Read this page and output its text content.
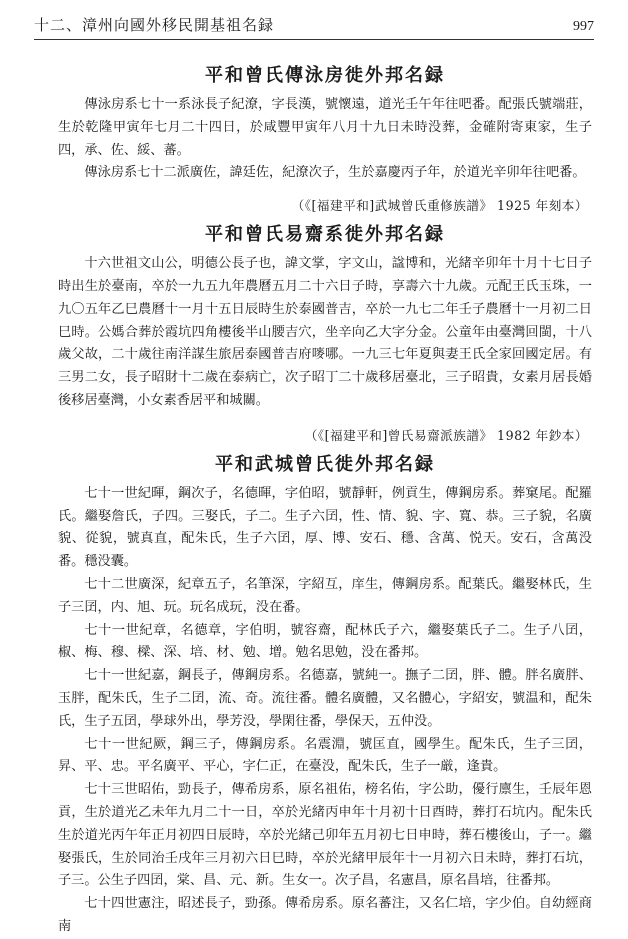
十二、漳州向國外移民開基祖名録	997
平和曾氏傳泳房徙外邦名録

傳泳房系七十一系泳長子紀潦，字長漢，號懷遠，道光壬午年往吧番。配張氏號端莊，生於乾隆甲寅年七月二十四日，於咸豐甲寅年八月十九日未時没葬，金確附寄東家，生子四，承、佐、綏、蕃。

傳泳房系七十二派廣佐，諱廷佐，紀潦次子，生於嘉慶丙子年，於道光辛卯年往吧番。

（《[福建平和]武城曾氏重修族譜》 1925 年刻本）
平和曾氏易齋系徙外邦名録

十六世祖文山公，明德公長子也，諱文掌，字文山，諡博和，光緒辛卯年十月十七日子時出生於臺南，卒於一九五九年農曆五月二十六日子時，享壽六十九歲。元配王氏玉珠，一九〇五年乙巳農曆十一月十五日辰時生於泰國普吉，卒於一九七二年壬子農曆十一月初二日巳時。公媽合葬於霞坑四角樓後半山腰吉穴，坐辛向乙大字分金。公童年由臺灣回閩，十八歲父故，二十歲往南洋謀生旅居泰國普吉府嘜哪。一九三七年夏與妻王氏全家回國定居。有三男二女，長子昭財十二歲在泰病亡，次子昭丁二十歲移居臺北，三子昭貴，女素月居長婚後移居臺灣，小女素香居平和城關。

（《[福建平和]曾氏易齋派族譜》 1982 年鈔本）
平和武城曾氏徙外邦名録

七十一世紀暉，鋼次子，名德暉，字伯昭，號靜軒，例貢生，傳鋼房系。葬窠尾。配羅氏。繼娶詹氏，子四。三娶氏，子二。生子六囝，性、情、貌、字、寬、恭。三子貌，名廣貌、從貌，號真直，配朱氏，生子六囝，厚、博、安石、穩、含萬、悦天。安石，含萬没番。穩没囊。

七十二世廣深，紀章五子，名筆深，字紹互，庠生，傳鋼房系。配葉氏。繼娶林氏，生子三囝，内、旭、玩。玩名成玩，没在番。

七十一世紀章，名德章，字伯明，號容齋，配林氏子六，繼娶葉氏子二。生子八囝，椒、梅、穆、樑、深、培、材、勉、增。勉名思勉，没在番邦。

七十一世紀嘉，鋼長子，傳鋼房系。名德嘉，號純一。撫子二囝，胖、體。胖名廣胖、玉胖，配朱氏，生子二囝，流、奇。流往番。體名廣體，又名體心，字紹安，號温和，配朱氏，生子五囝，學球外出，學芳没，學閑往番，學保天，五仲没。

七十一世紀厥，鋼三子，傳鋼房系。名震淵，號匡直，國學生。配朱氏，生子三囝，昇、平、忠。平名廣平、平心，字仁正，在臺没，配朱氏，生子一厳，逢貴。

七十三世昭佑，勁長子，傳希房系，原名祖佑，榜名佑，字公助，優行廪生，壬辰年恩貢，生於道光乙未年九月二十一日，卒於光緒丙申年十月初十日酉時，葬打石坑内。配朱氏生於道光丙午年正月初四日辰時，卒於光緒己卯年五月初七日申時，葬石樓後山，子一。繼娶張氏，生於同治壬戌年三月初六日巳時，卒於光緒甲辰年十一月初六日未時，葬打石坑，子三。公生子四囝，棠、昌、元、新。生女一。次子昌，名憲昌，原名昌培，往番邦。

七十四世憲注，昭述長子，勁孫。傳希房系。原名蕃注，又名仁培，字少伯。自幼經商南
